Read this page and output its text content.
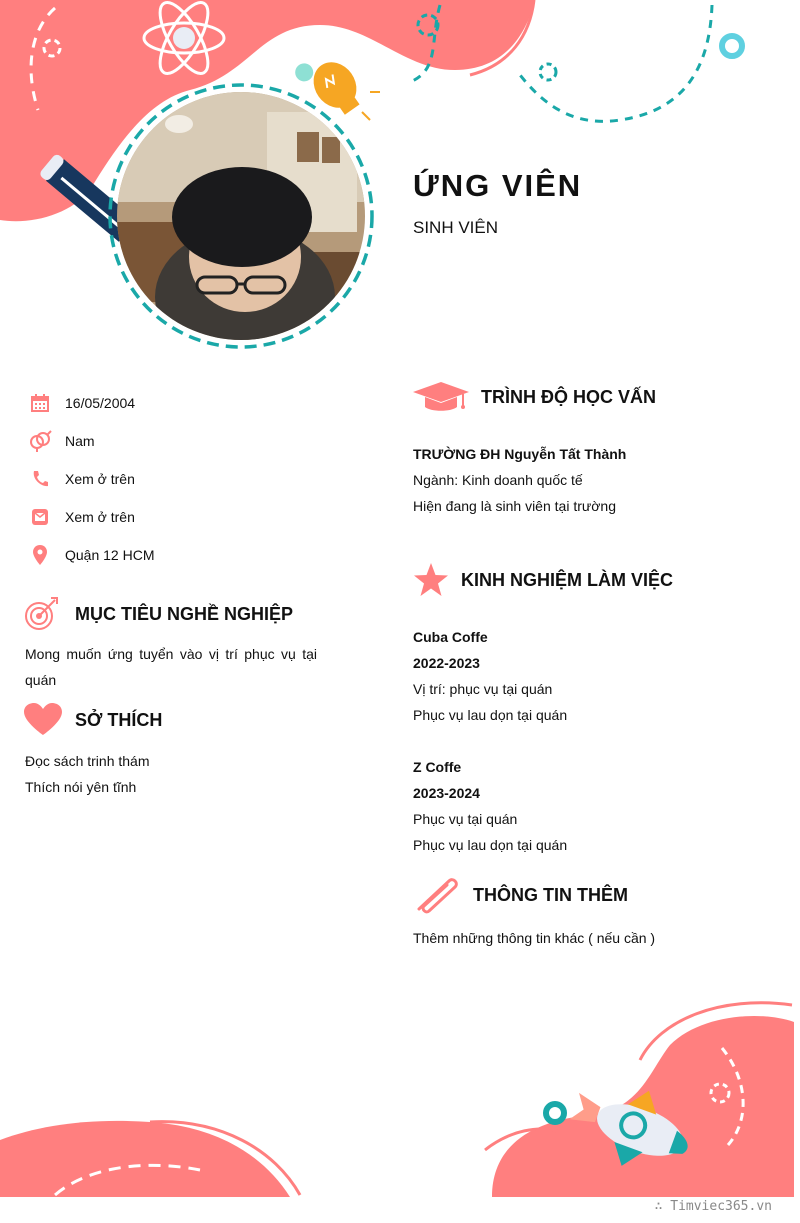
ỨNG VIÊN
SINH VIÊN
16/05/2004
Nam
Xem ở trên
Xem ở trên
Quận 12 HCM
MỤC TIÊU NGHỀ NGHIỆP
Mong muốn ứng tuyển vào vị trí phục vụ tại quán
SỞ THÍCH
Đọc sách trinh thám
Thích nói yên tĩnh
TRÌNH ĐỘ HỌC VẤN
TRƯỜNG ĐH Nguyễn Tất Thành
Ngành: Kinh doanh quốc tế
Hiện đang là sinh viên tại trường
KINH NGHIỆM LÀM VIỆC
Cuba Coffe
2022-2023
Vị trí: phục vụ tại quán
Phục vụ lau dọn tại quán
Z Coffe
2023-2024
Phục vụ tại quán
Phục vụ lau dọn tại quán
THÔNG TIN THÊM
Thêm những thông tin khác ( nếu cần )
∴ Timviec365.vn
